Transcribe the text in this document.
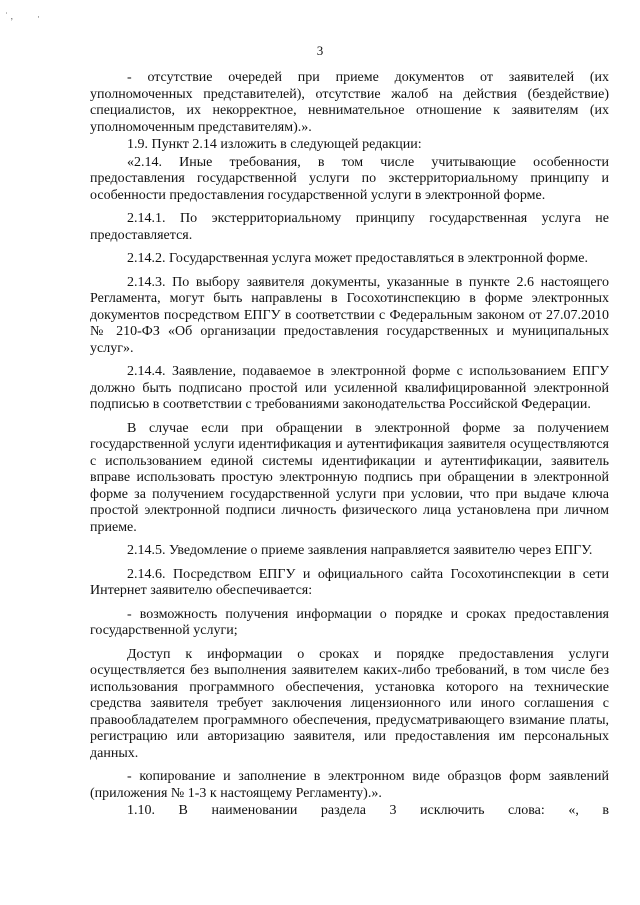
˙ ‚	·
3

- отсутствие очередей при приеме документов от заявителей (их уполномоченных представителей), отсутствие жалоб на действия (бездействие) специалистов, их некорректное, невнимательное отношение к заявителям (их уполномоченным представителям).».

1.9. Пункт 2.14 изложить в следующей редакции:

«2.14. Иные требования, в том числе учитывающие особенности предоставления государственной услуги по экстерриториальному принципу и особенности предоставления государственной услуги в электронной форме.

2.14.1. По экстерриториальному принципу государственная услуга не предоставляется.

2.14.2. Государственная услуга может предоставляться в электронной форме.

2.14.3. По выбору заявителя документы, указанные в пункте 2.6 настоящего Регламента, могут быть направлены в Госохотинспекцию в форме электронных документов посредством ЕПГУ в соответствии с Федеральным законом от 27.07.2010 № 210-ФЗ «Об организации предоставления государственных и муниципальных услуг».

2.14.4. Заявление, подаваемое в электронной форме с использованием ЕПГУ должно быть подписано простой или усиленной квалифицированной электронной подписью в соответствии с требованиями законодательства Российской Федерации.

В случае если при обращении в электронной форме за получением государственной услуги идентификация и аутентификация заявителя осуществляются с использованием единой системы идентификации и аутентификации, заявитель вправе использовать простую электронную подпись при обращении в электронной форме за получением государственной услуги при условии, что при выдаче ключа простой электронной подписи личность физического лица установлена при личном приеме.

2.14.5. Уведомление о приеме заявления направляется заявителю через ЕПГУ.

2.14.6. Посредством ЕПГУ и официального сайта Госохотинспекции в сети Интернет заявителю обеспечивается:

- возможность получения информации о порядке и сроках предоставления государственной услуги;

Доступ к информации о сроках и порядке предоставления услуги осуществляется без выполнения заявителем каких-либо требований, в том числе без использования программного обеспечения, установка которого на технические средства заявителя требует заключения лицензионного или иного соглашения с правообладателем программного обеспечения, предусматривающего взимание платы, регистрацию или авторизацию заявителя, или предоставления им персональных данных.

- копирование и заполнение в электронном виде образцов форм заявлений (приложения № 1-3 к настоящему Регламенту).».

1.10. В наименовании раздела 3 исключить слова: «, в
